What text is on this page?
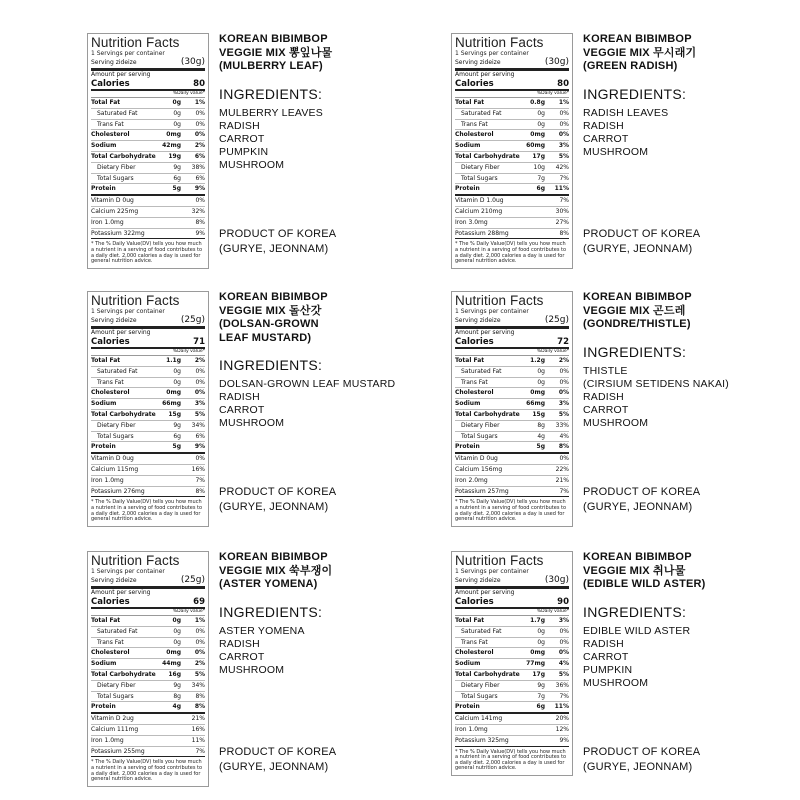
Nutrition Facts
1 Servings per container
Serving zideize	(30g)
Amount per serving
Calories	80
%Daily value*
Total Fat	0g	1%
Saturated Fat	0g	0%
Trans Fat	0g	0%
Cholesterol	0mg	0%
Sodium	42mg	2%
Total Carbohydrate	19g	6%
Dietary Fiber	9g	38%
Total Sugars	6g	6%
Protein	5g	9%
Vitamin D 0ug	0%
Calcium 225mg	32%
Iron 1.0mg	8%
Potassium 322mg	9%
* The % Daily Value(DV) tells you how much a nutrient in a serving of food contributes to a daily diet. 2,000 calories a day is used for general nutrition advice.
KOREAN BIBIMBOP
VEGGIE MIX 뽕잎나물
(MULBERRY LEAF)
INGREDIENTS:
MULBERRY LEAVES
RADISH
CARROT
PUMPKIN
MUSHROOM
PRODUCT OF KOREA
(GURYE, JEONNAM)
Nutrition Facts
1 Servings per container
Serving zideize	(30g)
Amount per serving
Calories	80
%Daily value*
Total Fat	0.8g	1%
Saturated Fat	0g	0%
Trans Fat	0g	0%
Cholesterol	0mg	0%
Sodium	60mg	3%
Total Carbohydrate	17g	5%
Dietary Fiber	10g	42%
Total Sugars	7g	7%
Protein	6g	11%
Vitamin D 1.0ug	7%
Calcium 210mg	30%
Iron 3.0mg	27%
Potassium 288mg	8%
* The % Daily Value(DV) tells you how much a nutrient in a serving of food contributes to a daily diet. 2,000 calories a day is used for general nutrition advice.
KOREAN BIBIMBOP
VEGGIE MIX 무시래기
(GREEN RADISH)
INGREDIENTS:
RADISH LEAVES
RADISH
CARROT
MUSHROOM
PRODUCT OF KOREA
(GURYE, JEONNAM)
Nutrition Facts
1 Servings per container
Serving zideize	(25g)
Amount per serving
Calories	71
%Daily value*
Total Fat	1.1g	2%
Saturated Fat	0g	0%
Trans Fat	0g	0%
Cholesterol	0mg	0%
Sodium	66mg	3%
Total Carbohydrate	15g	5%
Dietary Fiber	9g	34%
Total Sugars	6g	6%
Protein	5g	9%
Vitamin D 0ug	0%
Calcium 115mg	16%
Iron 1.0mg	7%
Potassium 276mg	8%
* The % Daily Value(DV) tells you how much a nutrient in a serving of food contributes to a daily diet. 2,000 calories a day is used for general nutrition advice.
KOREAN BIBIMBOP
VEGGIE MIX 돌산갓
(DOLSAN-GROWN
LEAF MUSTARD)
INGREDIENTS:
DOLSAN-GROWN LEAF MUSTARD
RADISH
CARROT
MUSHROOM
PRODUCT OF KOREA
(GURYE, JEONNAM)
Nutrition Facts
1 Servings per container
Serving zideize	(25g)
Amount per serving
Calories	72
%Daily value*
Total Fat	1.2g	2%
Saturated Fat	0g	0%
Trans Fat	0g	0%
Cholesterol	0mg	0%
Sodium	66mg	3%
Total Carbohydrate	15g	5%
Dietary Fiber	8g	33%
Total Sugars	4g	4%
Protein	5g	8%
Vitamin D 0ug	0%
Calcium 156mg	22%
Iron 2.0mg	21%
Potassium 257mg	7%
* The % Daily Value(DV) tells you how much a nutrient in a serving of food contributes to a daily diet. 2,000 calories a day is used for general nutrition advice.
KOREAN BIBIMBOP
VEGGIE MIX 곤드레
(GONDRE/THISTLE)
INGREDIENTS:
THISTLE
(CIRSIUM SETIDENS NAKAI)
RADISH
CARROT
MUSHROOM
PRODUCT OF KOREA
(GURYE, JEONNAM)
Nutrition Facts
1 Servings per container
Serving zideize	(25g)
Amount per serving
Calories	69
%Daily value*
Total Fat	0g	1%
Saturated Fat	0g	0%
Trans Fat	0g	0%
Cholesterol	0mg	0%
Sodium	44mg	2%
Total Carbohydrate	16g	5%
Dietary Fiber	9g	34%
Total Sugars	8g	8%
Protein	4g	8%
Vitamin D 2ug	21%
Calcium 111mg	16%
Iron 1.0mg	11%
Potassium 255mg	7%
* The % Daily Value(DV) tells you how much a nutrient in a serving of food contributes to a daily diet. 2,000 calories a day is used for general nutrition advice.
KOREAN BIBIMBOP
VEGGIE MIX 쑥부쟁이
(ASTER YOMENA)
INGREDIENTS:
ASTER YOMENA
RADISH
CARROT
MUSHROOM
PRODUCT OF KOREA
(GURYE, JEONNAM)
Nutrition Facts
1 Servings per container
Serving zideize	(30g)
Amount per serving
Calories	90
%Daily value*
Total Fat	1.7g	3%
Saturated Fat	0g	0%
Trans Fat	0g	0%
Cholesterol	0mg	0%
Sodium	77mg	4%
Total Carbohydrate	17g	5%
Dietary Fiber	9g	36%
Total Sugars	7g	7%
Protein	6g	11%
Calcium 141mg	20%
Iron 1.0mg	12%
Potassium 325mg	9%
* The % Daily Value(DV) tells you how much a nutrient in a serving of food contributes to a daily diet. 2,000 calories a day is used for general nutrition advice.
KOREAN BIBIMBOP
VEGGIE MIX 취나물
(EDIBLE WILD ASTER)
INGREDIENTS:
EDIBLE WILD ASTER
RADISH
CARROT
PUMPKIN
MUSHROOM
PRODUCT OF KOREA
(GURYE, JEONNAM)
